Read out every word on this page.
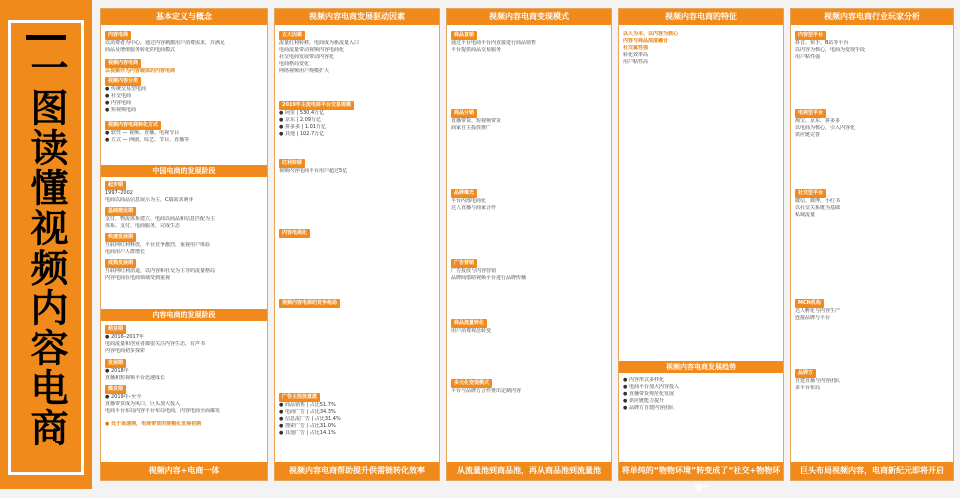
一图读懂视频内容电商
基本定义与概念
内容电商
以消费者为中心，通过内容刺激用户消费需求，并满足
商品及增值服务转化的电商模式
视频内容电商
以视频作为内容载体的内容电商
视频内容分类
● 传统交易型电商
● 社交电商
● 内容电商
● 短视频电商
视频内容电商转化方式
● 软性 — 视频、直播、电视节目
● 方式 — 网剧、综艺、节目、直播等
中国电商的发展阶段
起步期
1997–2002
电商以商品信息展示为主，C端需求萌芽
基础建设期
支付、物流体系建立，电商以商品和信息匹配为主
体系、支付、电商服务，完成生态
快速发展期
互联网红利释放，平台竞争激烈，重视用户体验
电商用户人群增长
成熟发展期
互联网红利消退，以内容和社交为主导的流量格局
内容电商在电商领域受到重视
内容电商的发展阶段
萌芽期
● 2016–2017年
电商流量和创业者都很关注内容生态，有声书
内容电商初步探索
发展期
● 2018年
直播和短视频平台迅速成长
爆发期
● 2019年–至今
直播带货成为风口，巨头加大投入
电商平台布局内容平台布局电商，内容电商全面爆发
● 处于高速期，电商带货的规模化发展初期
视频内容+电商一体
视频内容电商发展驱动因素
五大因素
流量红利转移，电商成为新流量入口
电商流量带动视频内容电商化
社交电商发展带动内容化
电商格局变化
网络视频用户规模扩大
2019年主流电商平台交易规模
● 阿里 | 530.4万亿
● 京东 | 2.09万亿
● 拼多多 | 1.01万亿
● 其他 | 102.7万亿
红利转移
视频内容电商平台用户超过5亿
内容电商化
视频内容电商的竞争格局
广告主投放意愿
● 商品销售 | 占比51.7%
● 电商广告 | 占比34.3%
● 信息流广告 | 占比31.4%
● 搜索广告 | 占比31.0%
● 其他广告 | 占比14.1%
视频内容电商帮助提升供需链转化效率
视频内容电商变现模式
商品直销
通过平台电商平台内直接进行商品销售
平台提供商品交易服务
商品分销
直播带货、短视频带货
商家自主投放推广
品牌曝光
平台内部电商化
达人直播与商家合作
广告营销
广告投放与内容营销
品牌商借助视频平台进行品牌传播
商品流量转化
用户消费观念转变
多元化变现模式
平台与品牌方合作推出定制内容
从流量池到商品池，再从商品池到流量池
视频内容电商的特征
以人为本、以内容为核心
内容与商品深度融合
社交属性强
转化效率高
用户粘性高
视频内容电商发展趋势
● 内容形式多样化
● 电商平台加大内容投入
● 直播带货规范化发展
● 供应链能力提升
● 品牌方自建内容团队
将单纯的“物物环境”转变成了“社交+物物环境”
视频内容电商行业玩家分析
内容型平台
抖音、快手、B站等平台
以内容为核心，电商为变现手段
用户粘性强
电商型平台
淘宝、京东、拼多多
以电商为核心，引入内容化
供应链完善
社交型平台
微信、微博、小红书
以社交关系链为基础
私域流量
MCN机构
达人孵化与内容生产
连接品牌与平台
品牌方
自建直播与内容团队
多平台布局
巨头布局视频内容，电商新纪元即将开启
